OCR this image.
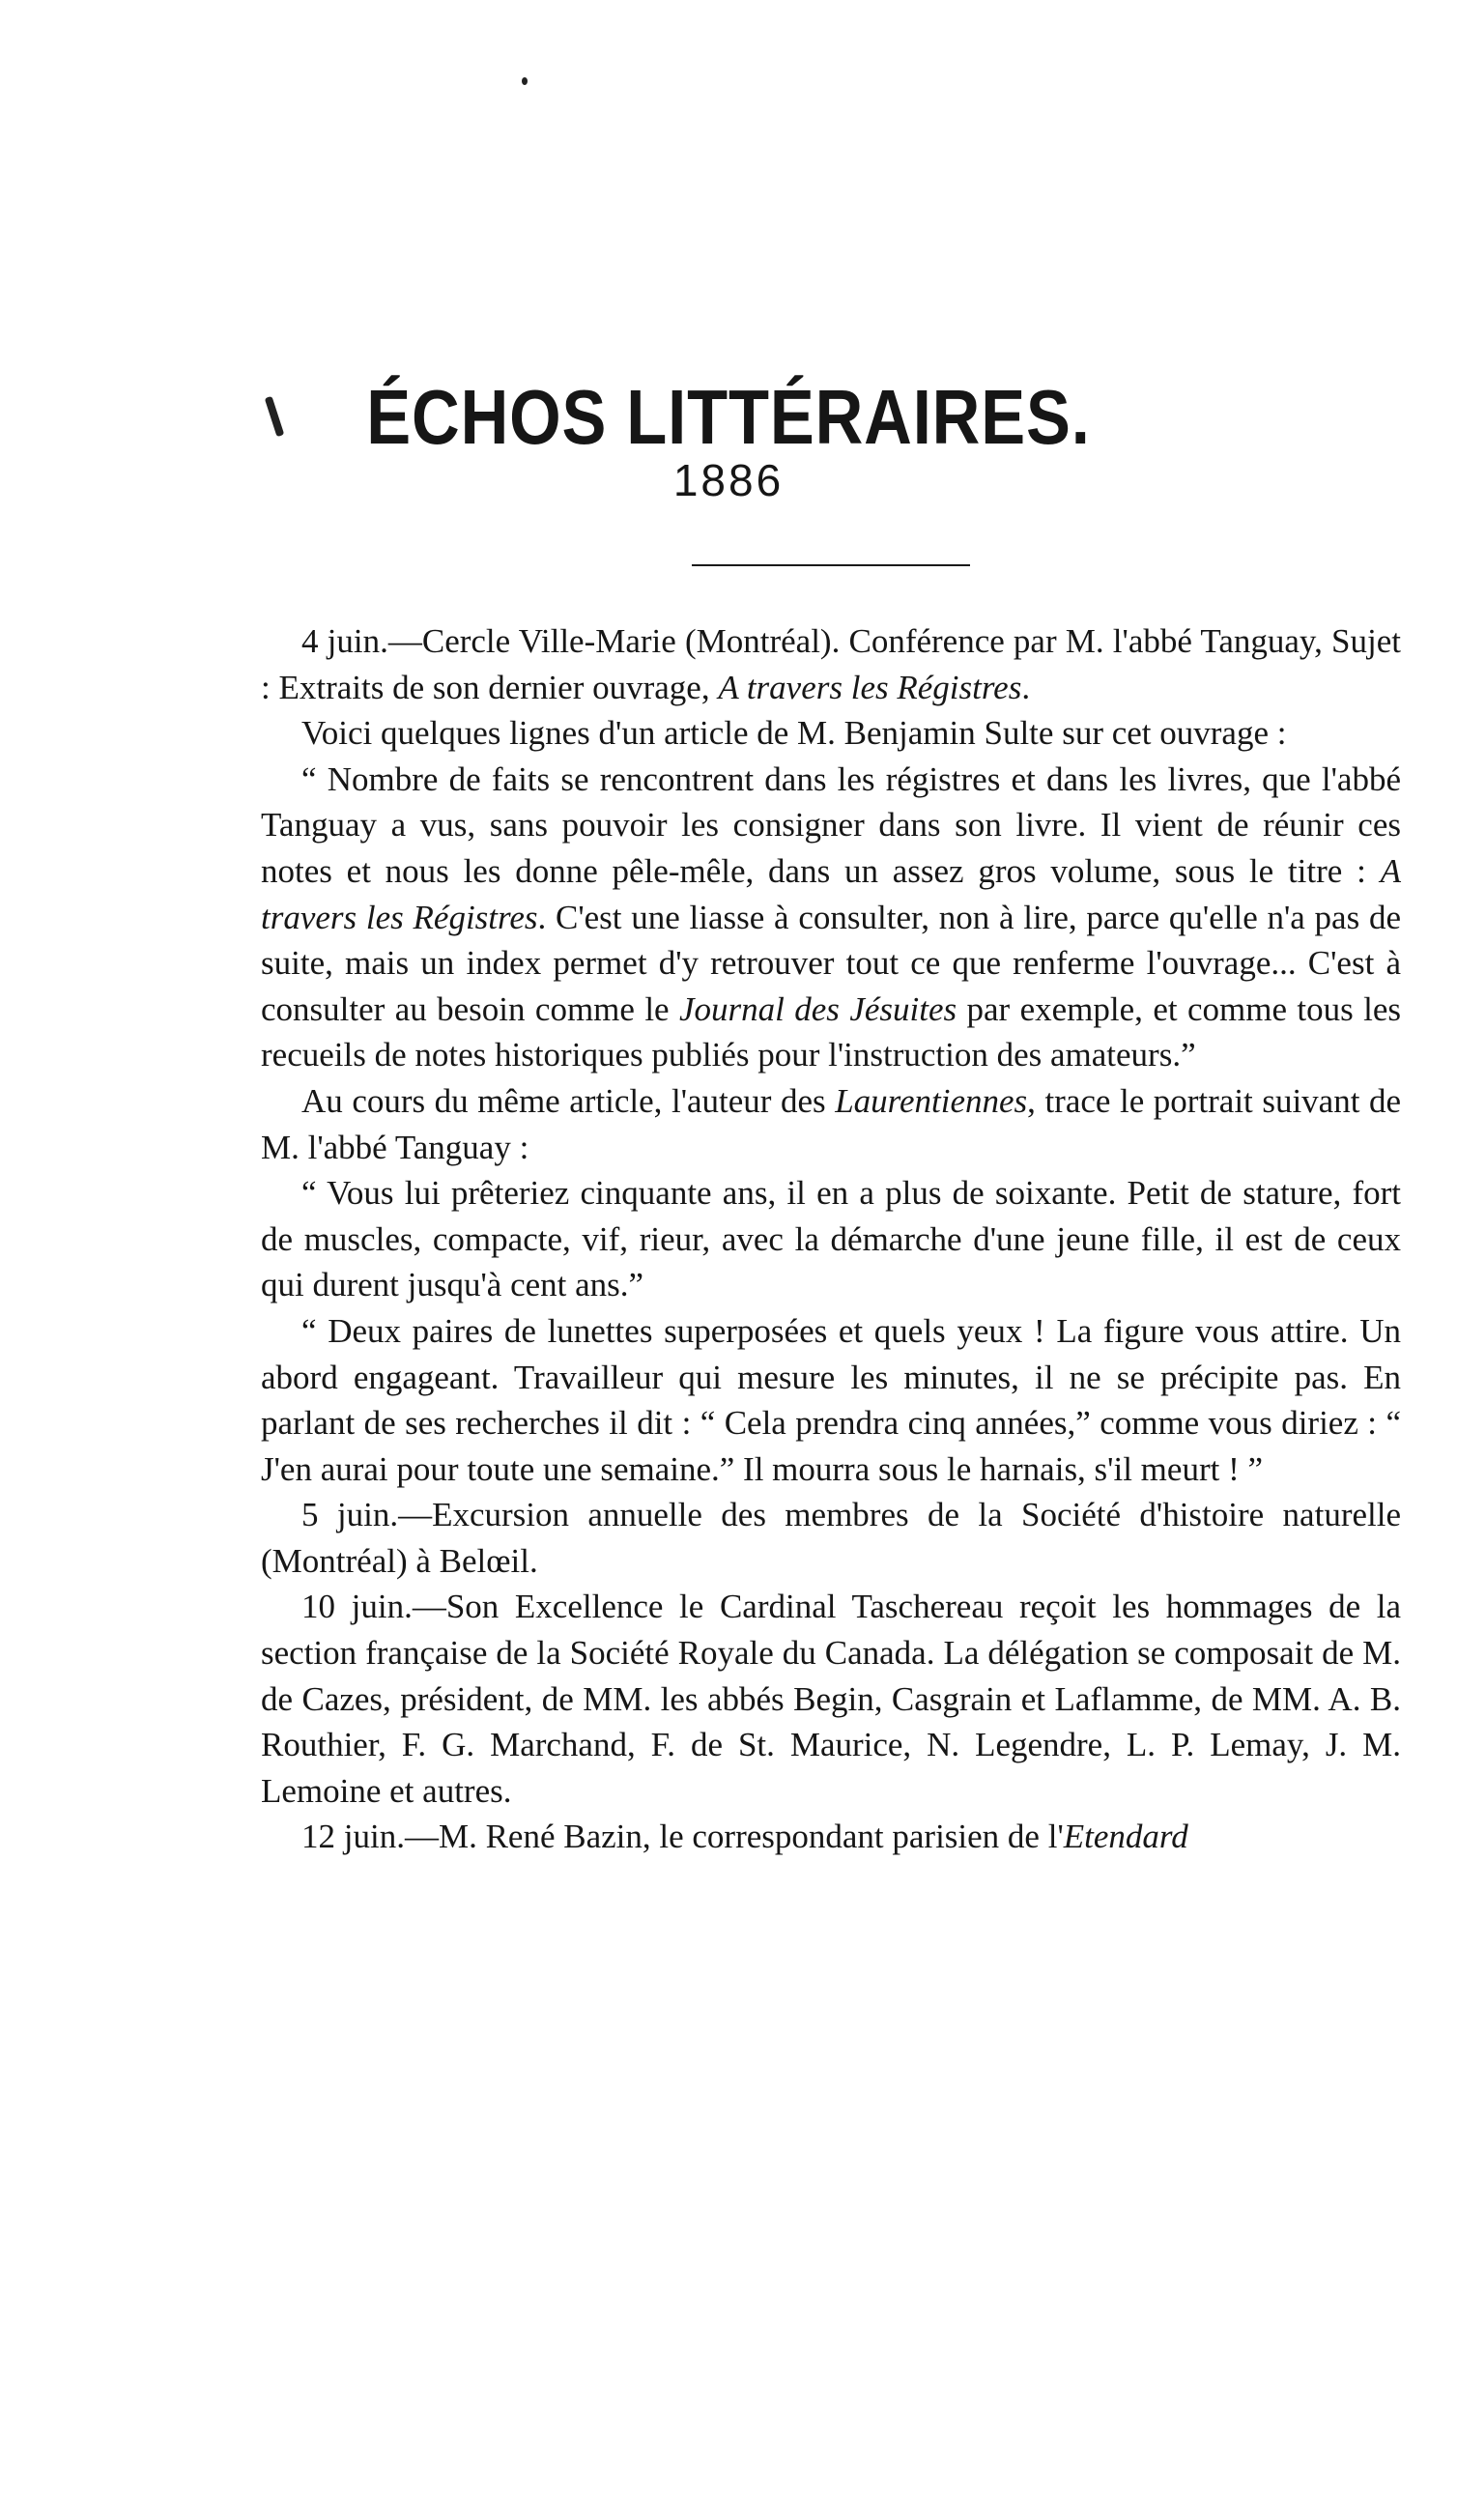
ÉCHOS LITTÉRAIRES.
1886

4 juin.—Cercle Ville-Marie (Montréal). Conférence par M. l'abbé Tanguay, Sujet : Extraits de son dernier ouvrage, A travers les Régistres.

Voici quelques lignes d'un article de M. Benjamin Sulte sur cet ouvrage :

“ Nombre de faits se rencontrent dans les régistres et dans les livres, que l'abbé Tanguay a vus, sans pouvoir les consigner dans son livre. Il vient de réunir ces notes et nous les donne pêle-mêle, dans un assez gros volume, sous le titre : A travers les Régistres. C'est une liasse à consulter, non à lire, parce qu'elle n'a pas de suite, mais un index permet d'y retrouver tout ce que renferme l'ouvrage... C'est à consulter au besoin comme le Journal des Jésuites par exemple, et comme tous les recueils de notes historiques publiés pour l'instruction des amateurs.”

Au cours du même article, l'auteur des Laurentiennes, trace le portrait suivant de M. l'abbé Tanguay :

“ Vous lui prêteriez cinquante ans, il en a plus de soixante. Petit de stature, fort de muscles, compacte, vif, rieur, avec la démarche d'une jeune fille, il est de ceux qui durent jusqu'à cent ans.”

“ Deux paires de lunettes superposées et quels yeux ! La figure vous attire. Un abord engageant. Travailleur qui mesure les minutes, il ne se précipite pas. En parlant de ses recherches il dit : “ Cela prendra cinq années,” comme vous diriez : “ J'en aurai pour toute une semaine.” Il mourra sous le harnais, s'il meurt ! ”

5 juin.—Excursion annuelle des membres de la Société d'histoire naturelle (Montréal) à Belœil.

10 juin.—Son Excellence le Cardinal Taschereau reçoit les hommages de la section française de la Société Royale du Canada. La délégation se composait de M. de Cazes, président, de MM. les abbés Begin, Casgrain et Laflamme, de MM. A. B. Routhier, F. G. Marchand, F. de St. Maurice, N. Legendre, L. P. Lemay, J. M. Lemoine et autres.

12 juin.—M. René Bazin, le correspondant parisien de l'Etendard
